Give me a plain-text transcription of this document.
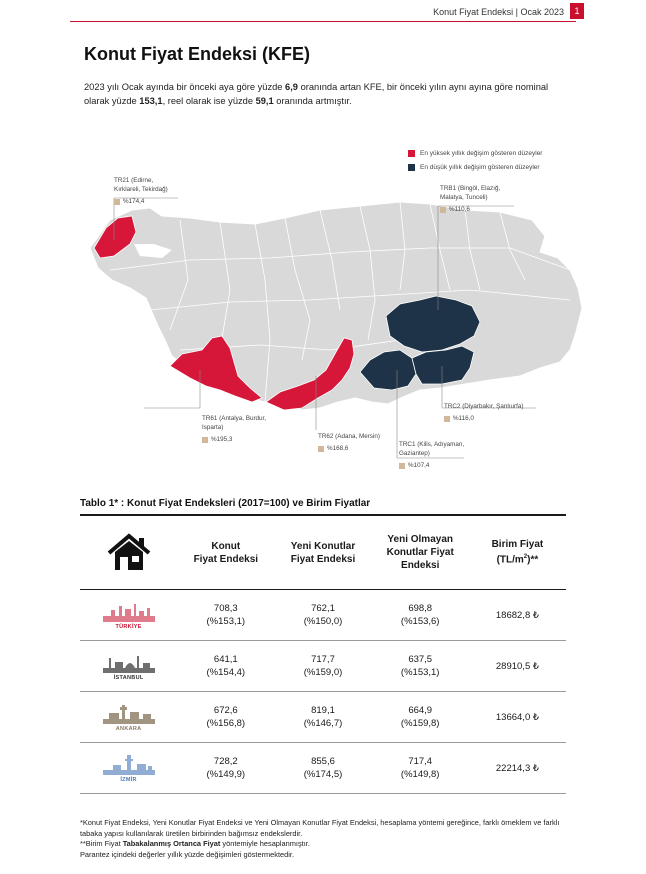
Konut Fiyat Endeksi | Ocak 2023	1
Konut Fiyat Endeksi (KFE)

2023 yılı Ocak ayında bir önceki aya göre yüzde 6,9 oranında artan KFE, bir önceki yılın aynı ayına göre nominal olarak yüzde 153,1, reel olarak ise yüzde 59,1 oranında artmıştır.

En yüksek yıllık değişim gösteren düzeyler
En düşük yıllık değişim gösteren düzeyler
TR21 (Edirne,
Kırklareli, Tekirdağ)
%174,4
TRB1 (Bingöl, Elazığ,
Malatya, Tunceli)
%110,6
TR61 (Antalya, Burdur,
Isparta)
%195,3	TR62 (Adana, Mersin)
%168,6
TRC2 (Diyarbakır, Şanlıurfa)
%116,0
TRC1 (Kilis, Adıyaman,
Gaziantep)
%107,4
Tablo 1* : Konut Fiyat Endeksleri (2017=100) ve Birim Fiyatlar
Konut
Fiyat Endeksi
Yeni Konutlar
Fiyat Endeksi
Yeni Olmayan
Konutlar Fiyat
Endeksi
Birim Fiyat
$(TL/m^2)**$
TÜRKİYE
708,3
(%153,1)
762,1
(%150,0)
698,8
(%153,6)
18682,8 ₺
İSTANBUL
641,1
(%154,4)
717,7
(%159,0)
637,5
(%153,1)
28910,5 ₺
ANKARA
672,6
(%156,8)
819,1
(%146,7)
664,9
(%159,8)
13664,0 ₺
İZMİR
728,2
(%149,9)
855,6
(%174,5)
717,4
(%149,8)
22214,3 ₺
*Konut Fiyat Endeksi, Yeni Konutlar Fiyat Endeksi ve Yeni Olmayan Konutlar Fiyat Endeksi, hesaplama yöntemi gereğince, farklı örneklem ve farklı tabaka yapısı kullanılarak üretilen birbirinden bağımsız endekslerdir.
**Birim Fiyat Tabakalanmış Ortanca Fiyat yöntemiyle hesaplanmıştır.
Parantez içindeki değerler yıllık yüzde değişimleri göstermektedir.
